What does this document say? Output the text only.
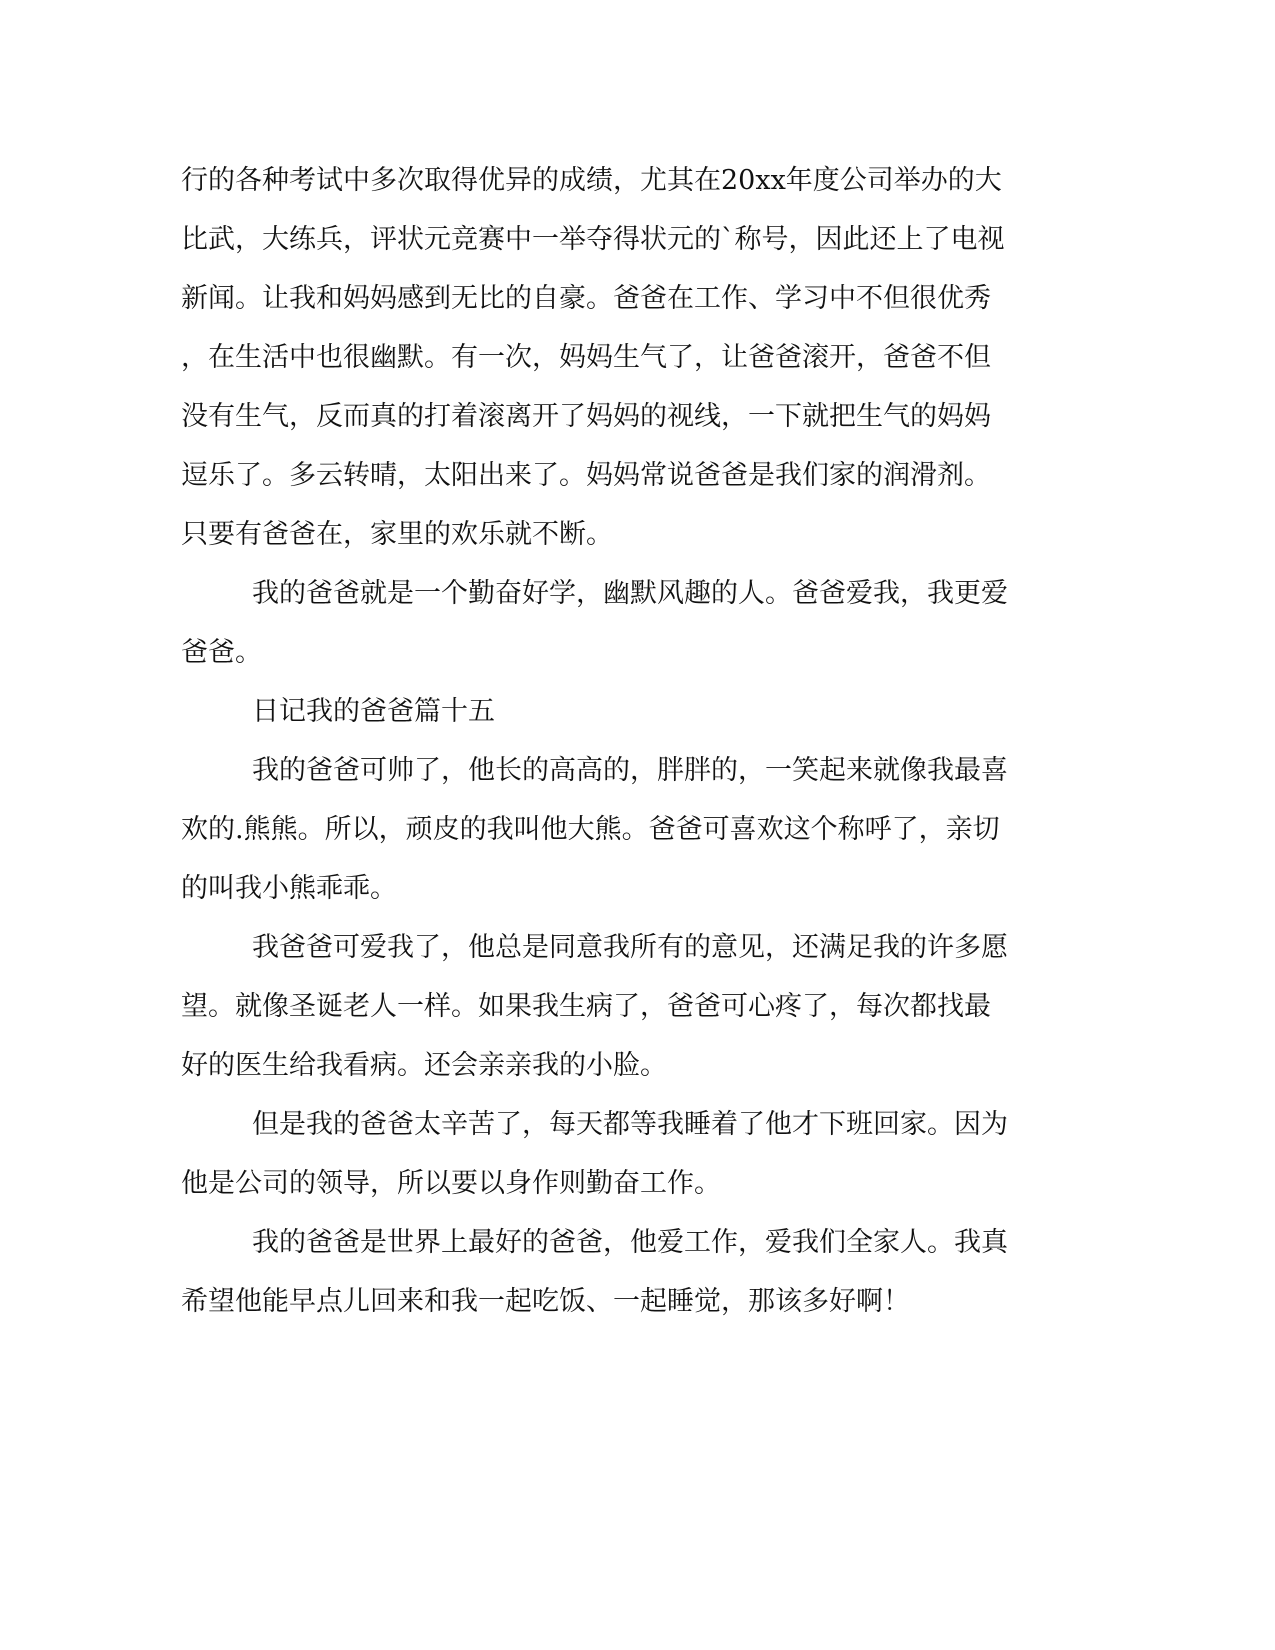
行的各种考试中多次取得优异的成绩，尤其在20xx年度公司举办的大
比武，大练兵，评状元竞赛中一举夺得状元的`称号，因此还上了电视
新闻。让我和妈妈感到无比的自豪。爸爸在工作、学习中不但很优秀
，在生活中也很幽默。有一次，妈妈生气了，让爸爸滚开，爸爸不但
没有生气，反而真的打着滚离开了妈妈的视线，一下就把生气的妈妈
逗乐了。多云转晴，太阳出来了。妈妈常说爸爸是我们家的润滑剂。
只要有爸爸在，家里的欢乐就不断。
我的爸爸就是一个勤奋好学，幽默风趣的人。爸爸爱我，我更爱
爸爸。
日记我的爸爸篇十五
我的爸爸可帅了，他长的高高的，胖胖的，一笑起来就像我最喜
欢的.熊熊。所以，顽皮的我叫他大熊。爸爸可喜欢这个称呼了，亲切
的叫我小熊乖乖。
我爸爸可爱我了，他总是同意我所有的意见，还满足我的许多愿
望。就像圣诞老人一样。如果我生病了，爸爸可心疼了，每次都找最
好的医生给我看病。还会亲亲我的小脸。
但是我的爸爸太辛苦了，每天都等我睡着了他才下班回家。因为
他是公司的领导，所以要以身作则勤奋工作。
我的爸爸是世界上最好的爸爸，他爱工作，爱我们全家人。我真
希望他能早点儿回来和我一起吃饭、一起睡觉，那该多好啊！
